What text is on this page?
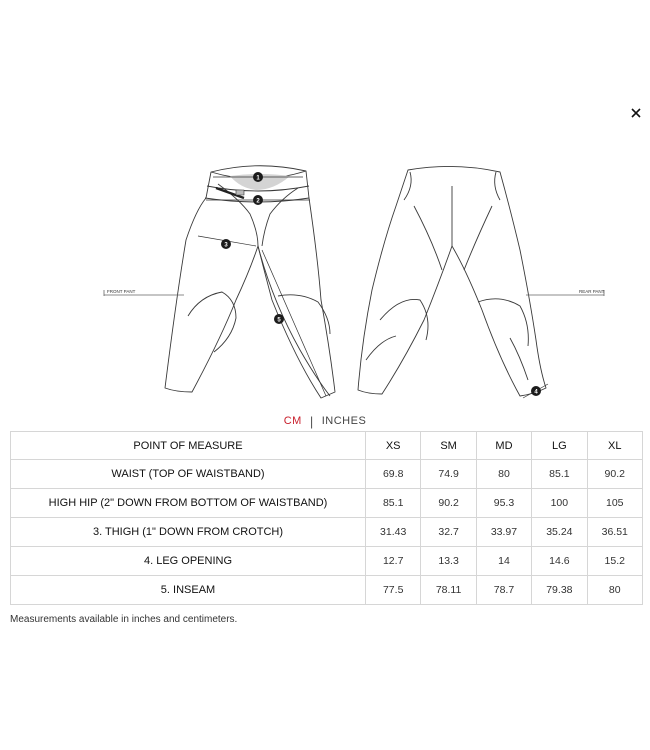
FRONT PANT	REAR PANT
1
2
3
4
5
CM | INCHES
POINT OF MEASURE	XS	SM	MD	LG	XL
WAIST (TOP OF WAISTBAND)	69.8	74.9	80	85.1	90.2
HIGH HIP (2" DOWN FROM BOTTOM OF WAISTBAND)	85.1	90.2	95.3	100	105
3. THIGH (1" DOWN FROM CROTCH)	31.43	32.7	33.97	35.24	36.51
4. LEG OPENING	12.7	13.3	14	14.6	15.2
5. INSEAM	77.5	78.11	78.7	79.38	80
Measurements available in inches and centimeters.
